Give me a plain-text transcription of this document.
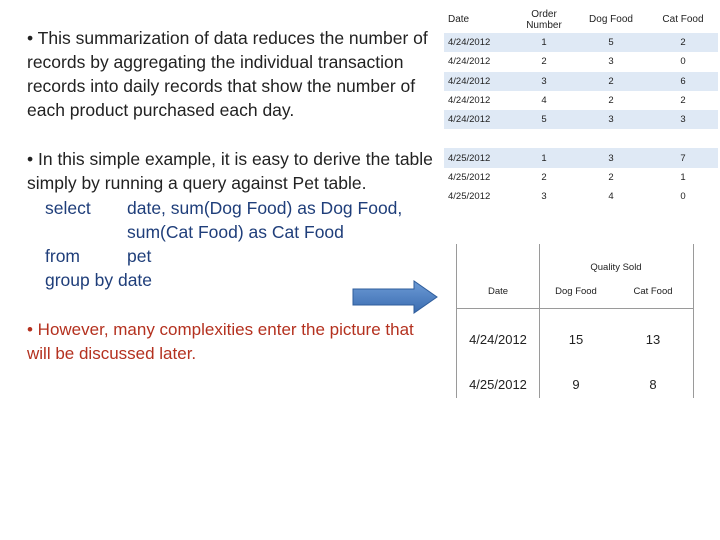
• This summarization of data reduces the number of records by aggregating the individual transaction records into daily records that show the number of each product purchased each day.

• In this simple example, it is easy to derive the table simply by running a query against Pet table.

• However, many complexities enter the picture that will be discussed later.

select	date, sum(Dog Food) as Dog Food,
sum(Cat Food) as Cat Food
from	pet
group by date
Date	Order Number	Dog Food	Cat Food
4/24/2012	1	5	2
4/24/2012	2	3	0
4/24/2012	3	2	6
4/24/2012	4	2	2
4/24/2012	5	3	3
4/25/2012	1	3	7
4/25/2012	2	2	1
4/25/2012	3	4	0
Quality Sold
Date	Dog Food	Cat Food
4/24/2012	15	13
4/25/2012	9	8
